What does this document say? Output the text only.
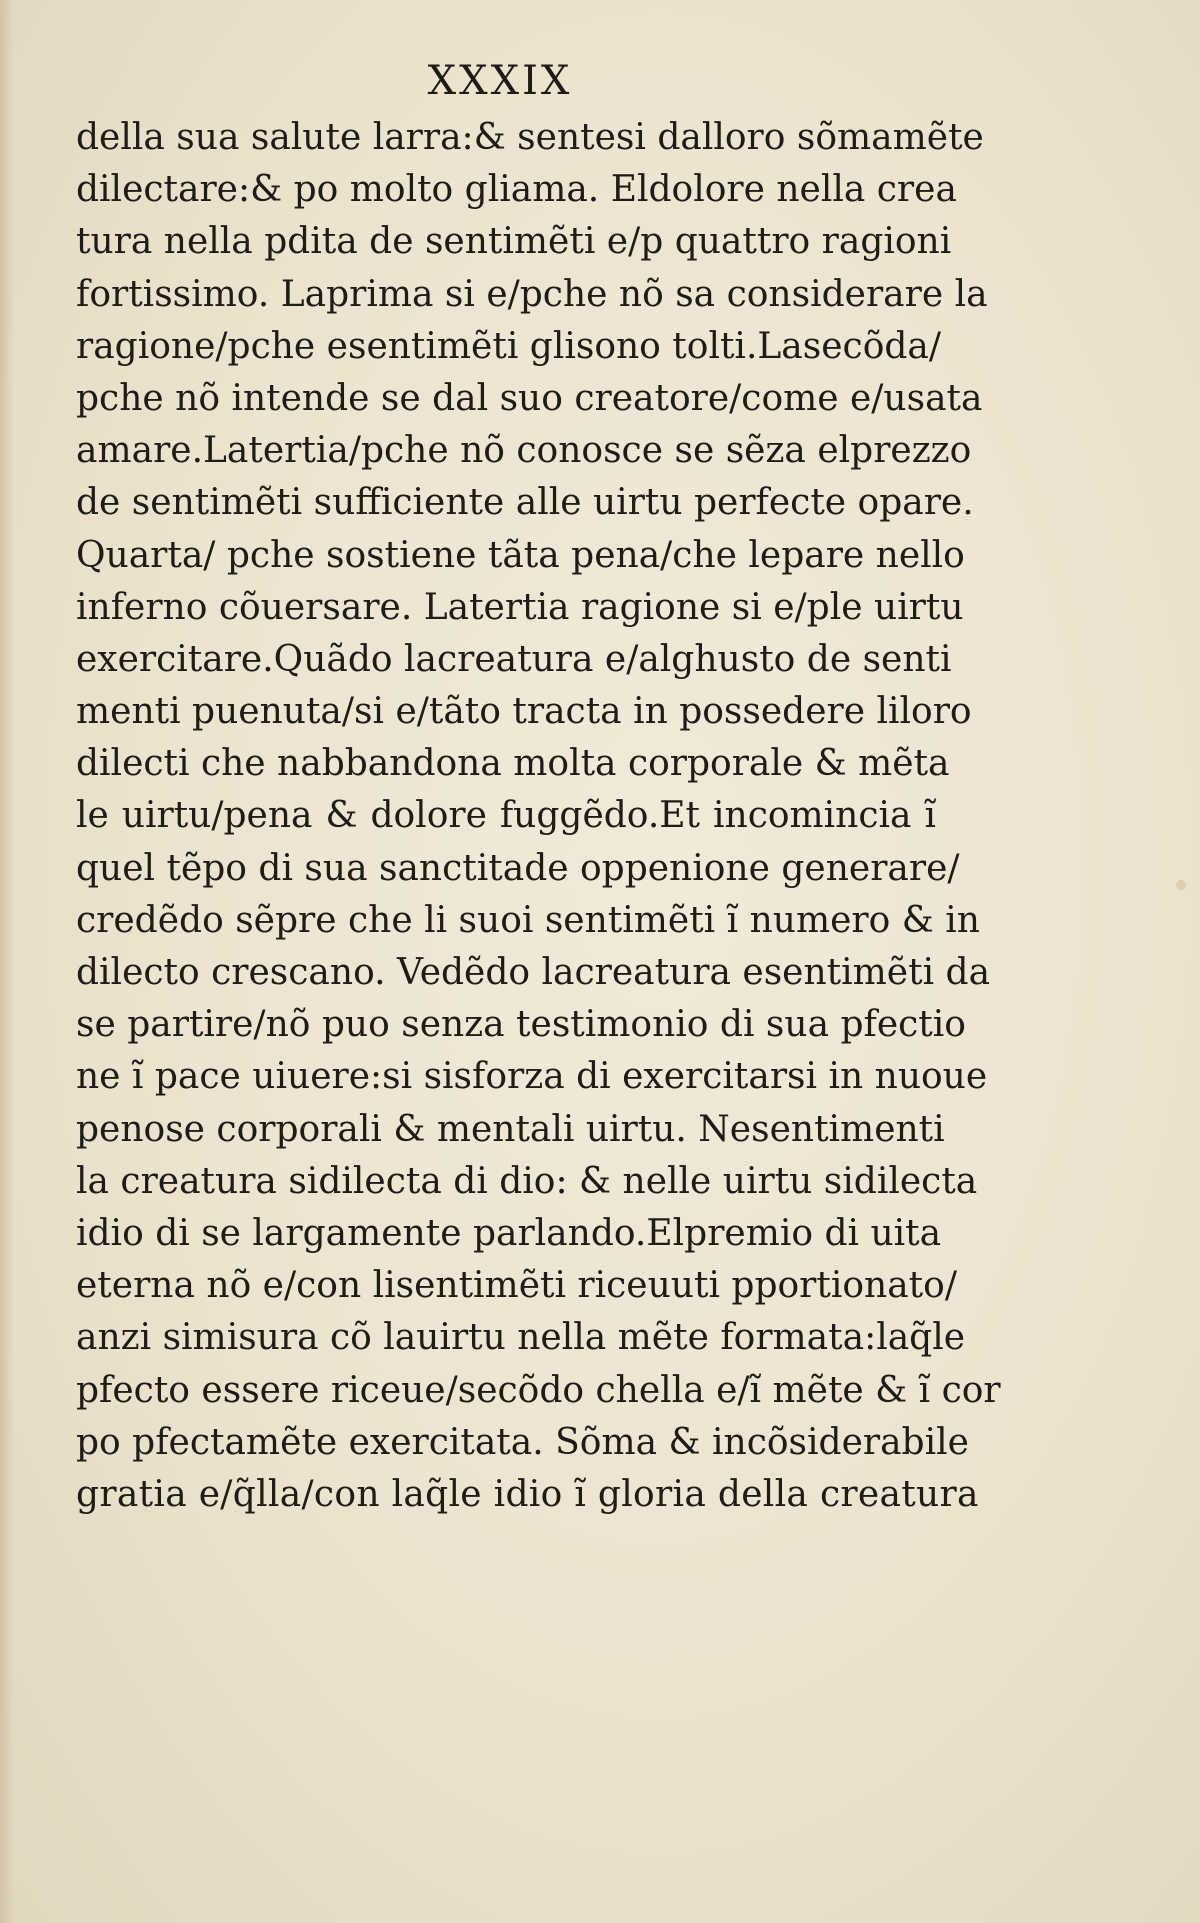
XXXIX
della sua salute larra:& sentesi dalloro sõmamẽte
dilectare:& po molto gliama. Eldolore nella crea
tura nella pdita de sentimẽti e/p quattro ragioni
fortissimo. Laprima si e/pche nõ sa considerare la
ragione/pche esentimẽti glisono tolti.Lasecõda/
pche nõ intende se dal suo creatore/come e/usata
amare.Latertia/pche nõ conosce se sẽza elprezzo
de sentimẽti sufficiente alle uirtu perfecte opare.
Quarta/ pche sostiene tãta pena/che lepare nello
inferno cõuersare. Latertia ragione si e/ple uirtu
exercitare.Quãdo lacreatura e/alghusto de senti
menti puenuta/si e/tãto tracta in possedere liloro
dilecti che nabbandona molta corporale & mẽta
le uirtu/pena & dolore fuggẽdo.Et incomincia ĩ
quel tẽpo di sua sanctitade oppenione generare/
credẽdo sẽpre che li suoi sentimẽti ĩ numero & in
dilecto crescano. Vedẽdo lacreatura esentimẽti da
se partire/nõ puo senza testimonio di sua pfectio
ne ĩ pace uiuere:si sisforza di exercitarsi in nuoue
penose corporali & mentali uirtu. Nesentimenti
la creatura sidilecta di dio: & nelle uirtu sidilecta
idio di se largamente parlando.Elpremio di uita
eterna nõ e/con lisentimẽti riceuuti pportionato/
anzi simisura cõ lauirtu nella mẽte formata:laq̃le
pfecto essere riceue/secõdo chella e/ĩ mẽte & ĩ cor
po pfectamẽte exercitata. Sõma & incõsiderabile
gratia e/q̃lla/con laq̃le idio ĩ gloria della creatura
